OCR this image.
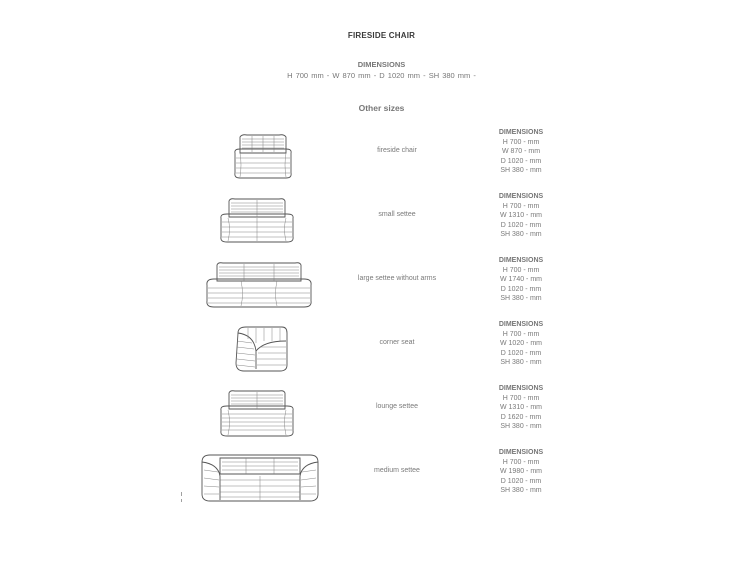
FIRESIDE CHAIR
DIMENSIONS
H 700 mm - W 870 mm - D 1020 mm - SH 380 mm -
Other sizes
fireside chair
DIMENSIONS
H 700 - mm
W 870 - mm
D 1020 - mm
SH 380 - mm
small settee
DIMENSIONS
H 700 - mm
W 1310 - mm
D 1020 - mm
SH 380 - mm
large settee without arms
DIMENSIONS
H 700 - mm
W 1740 - mm
D 1020 - mm
SH 380 - mm
corner seat
DIMENSIONS
H 700 - mm
W 1020 - mm
D 1020 - mm
SH 380 - mm
lounge settee
DIMENSIONS
H 700 - mm
W 1310 - mm
D 1620 - mm
SH 380 - mm
medium settee
DIMENSIONS
H 700 - mm
W 1980 - mm
D 1020 - mm
SH 380 - mm
